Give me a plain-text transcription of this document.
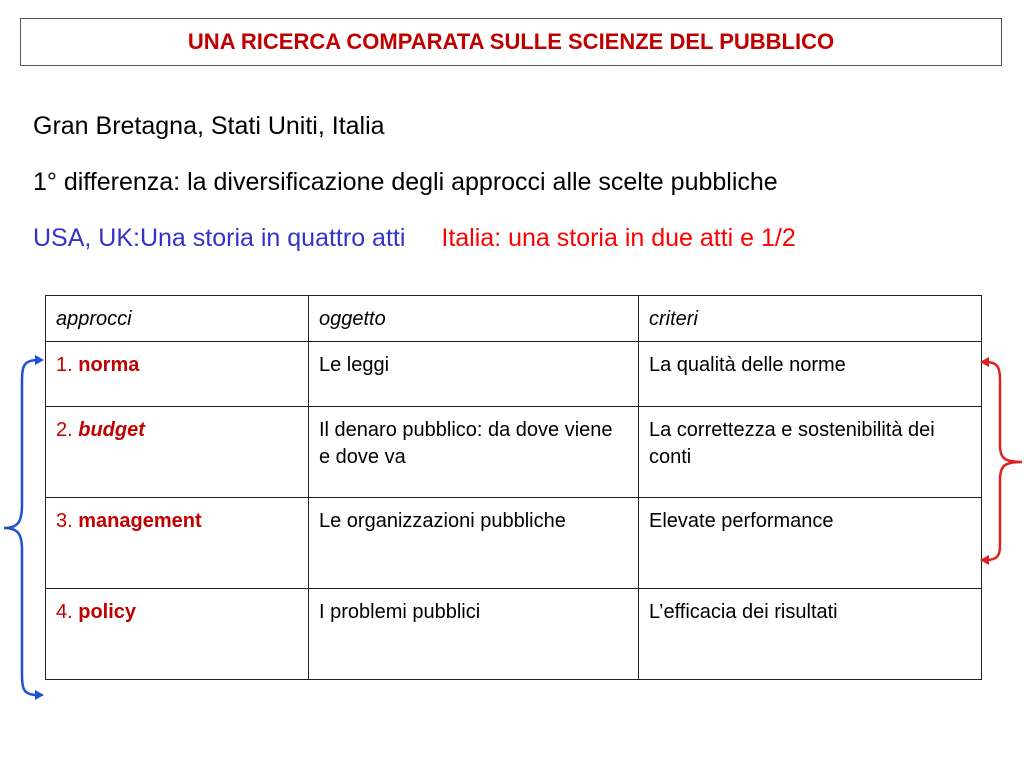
UNA RICERCA COMPARATA SULLE SCIENZE DEL PUBBLICO
Gran Bretagna, Stati Uniti, Italia
1° differenza: la diversificazione degli approcci alle scelte pubbliche
USA, UK:Una storia in quattro atti Italia: una storia in due atti e 1/2
approcci	oggetto	criteri
1. norma	Le leggi	La qualità delle norme
2. budget	Il denaro pubblico: da dove viene e dove va	La correttezza e sostenibilità dei conti
3. management	Le organizzazioni pubbliche	Elevate performance
4. policy	I problemi pubblici	L’efficacia dei risultati
